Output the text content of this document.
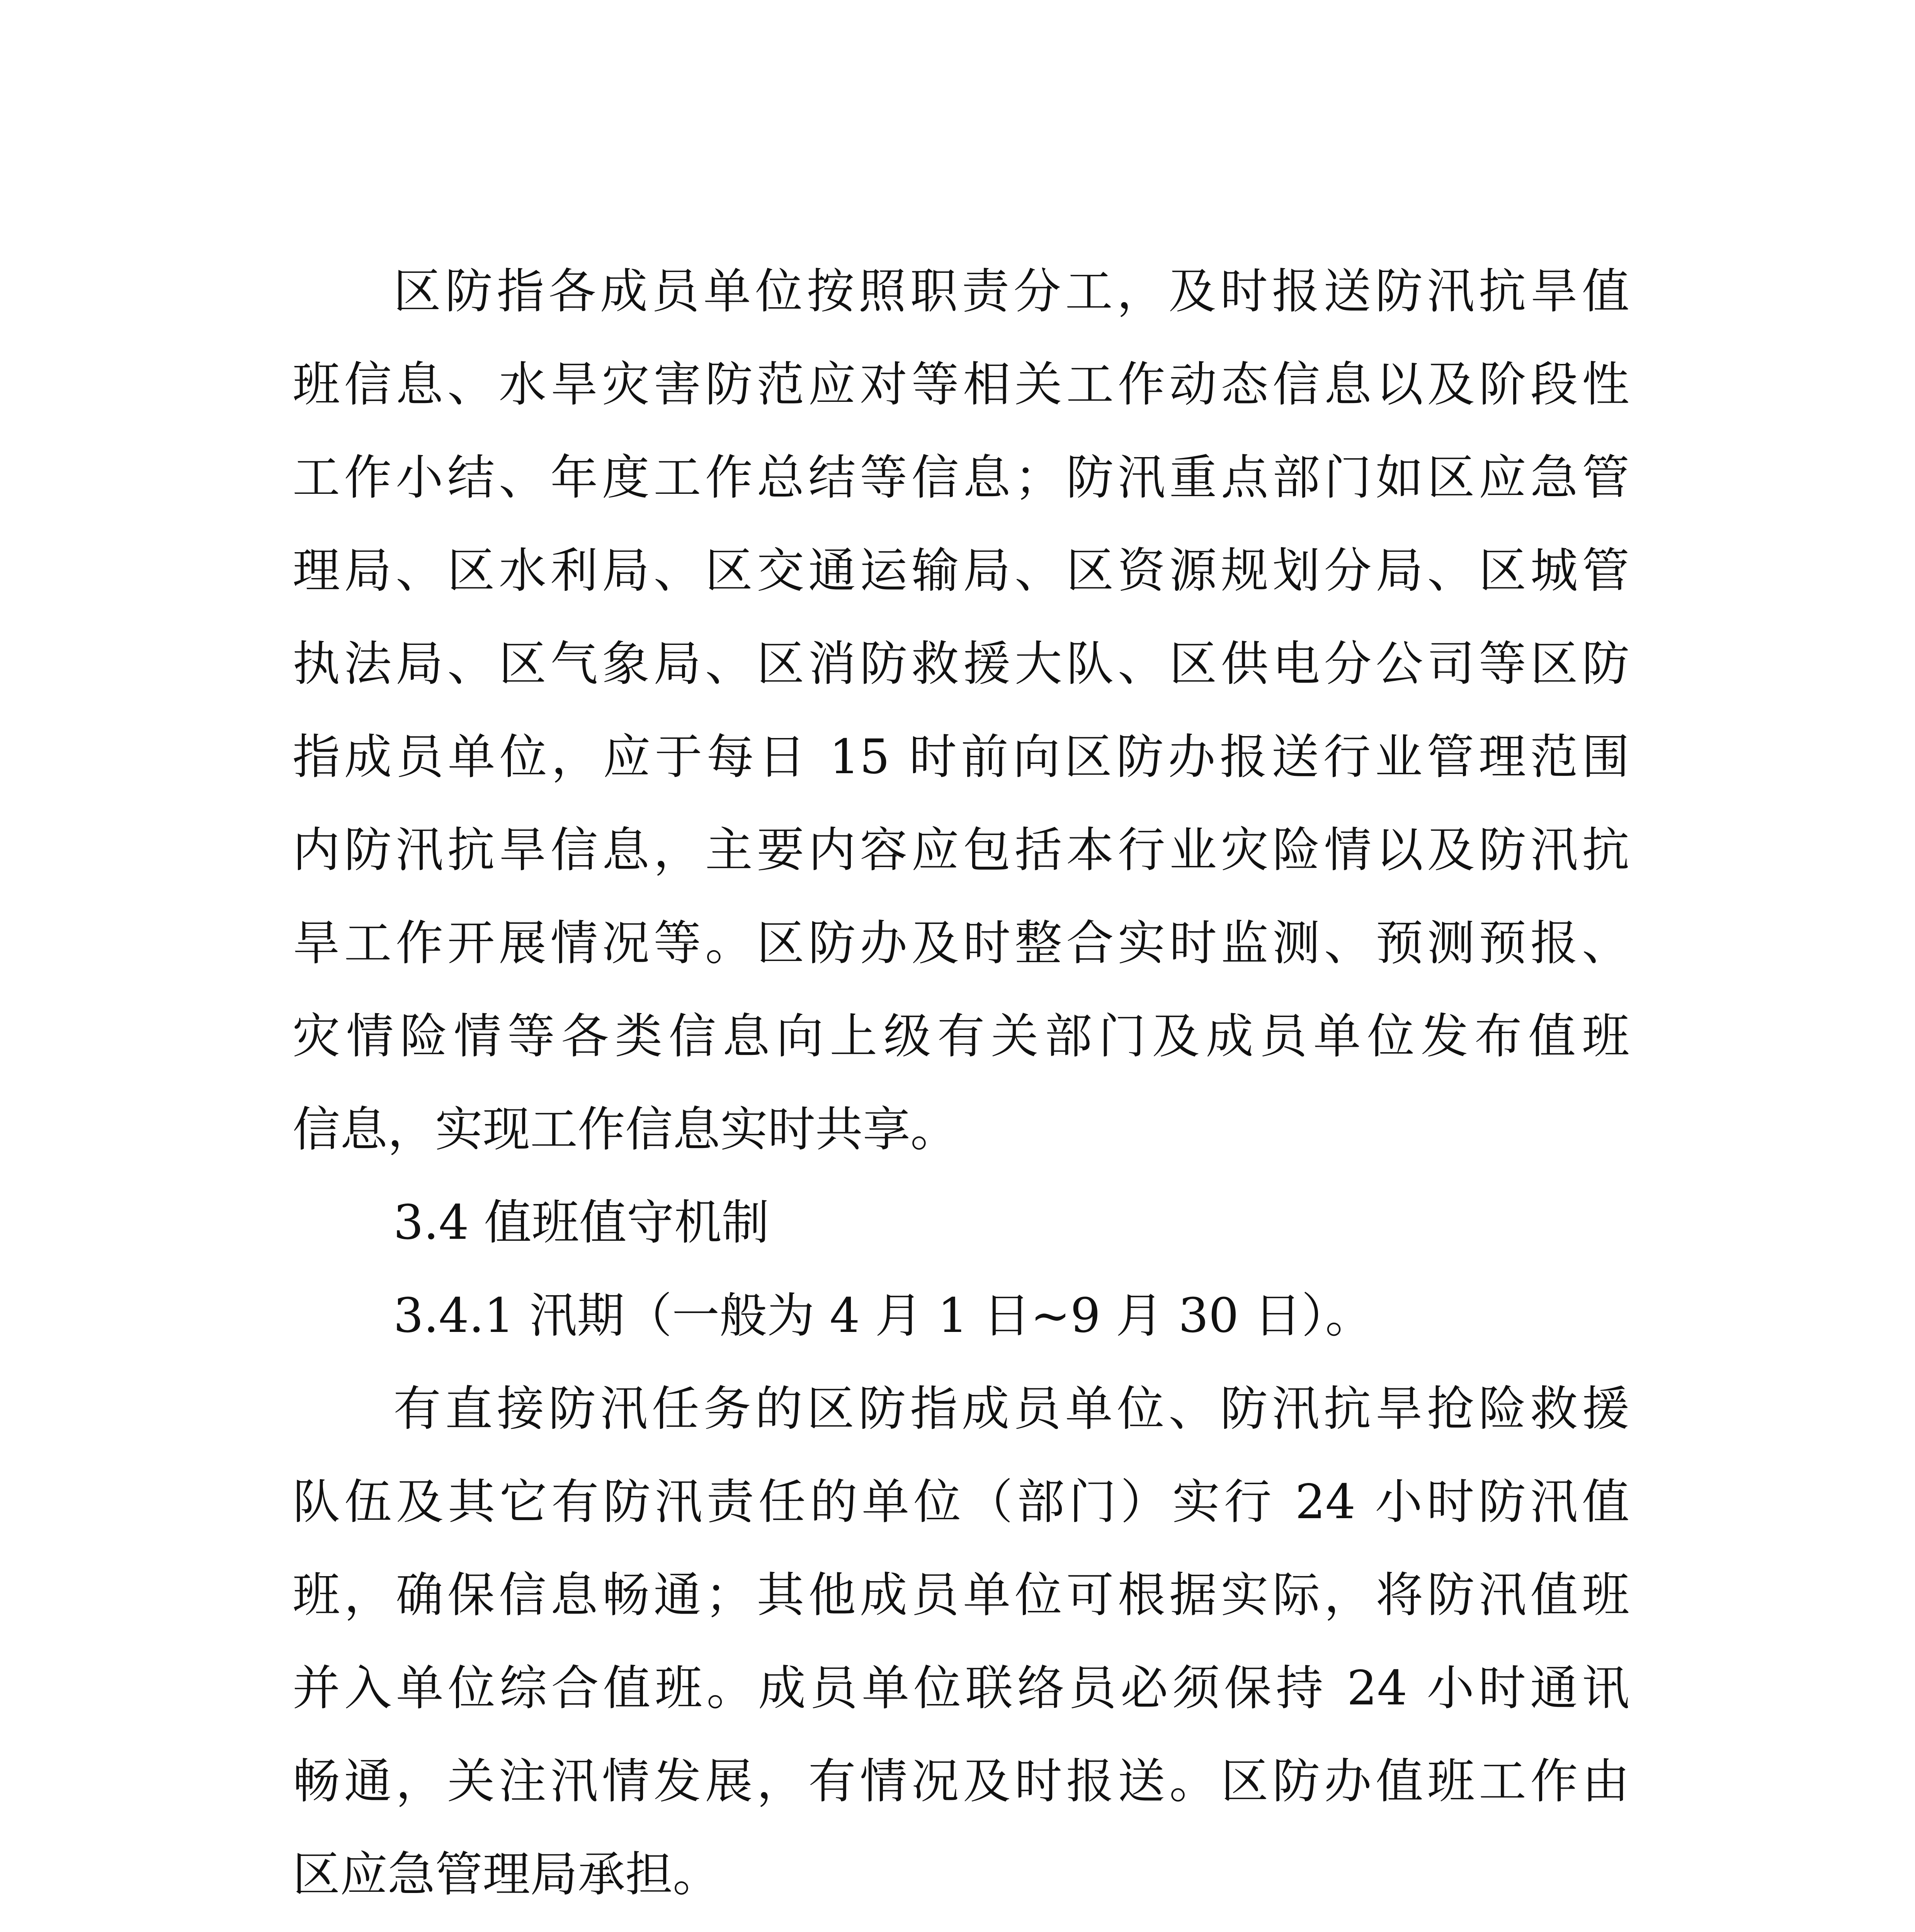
区防指各成员单位按照职责分工，及时报送防汛抗旱值
班信息、水旱灾害防范应对等相关工作动态信息以及阶段性
工作小结、年度工作总结等信息；防汛重点部门如区应急管
理局、区水利局、区交通运输局、区资源规划分局、区城管
执法局、区气象局、区消防救援大队、区供电分公司等区防
指成员单位，应于每日 15 时前向区防办报送行业管理范围
内防汛抗旱信息，主要内容应包括本行业灾险情以及防汛抗
旱工作开展情况等。区防办及时整合实时监测、预测预报、
灾情险情等各类信息向上级有关部门及成员单位发布值班
信息，实现工作信息实时共享。
3.4 值班值守机制
3.4.1 汛期（一般为 4 月 1 日~9 月 30 日）。
有直接防汛任务的区防指成员单位、防汛抗旱抢险救援
队伍及其它有防汛责任的单位（部门）实行 24 小时防汛值
班，确保信息畅通；其他成员单位可根据实际，将防汛值班
并入单位综合值班。成员单位联络员必须保持 24 小时通讯
畅通，关注汛情发展，有情况及时报送。区防办值班工作由
区应急管理局承担。
